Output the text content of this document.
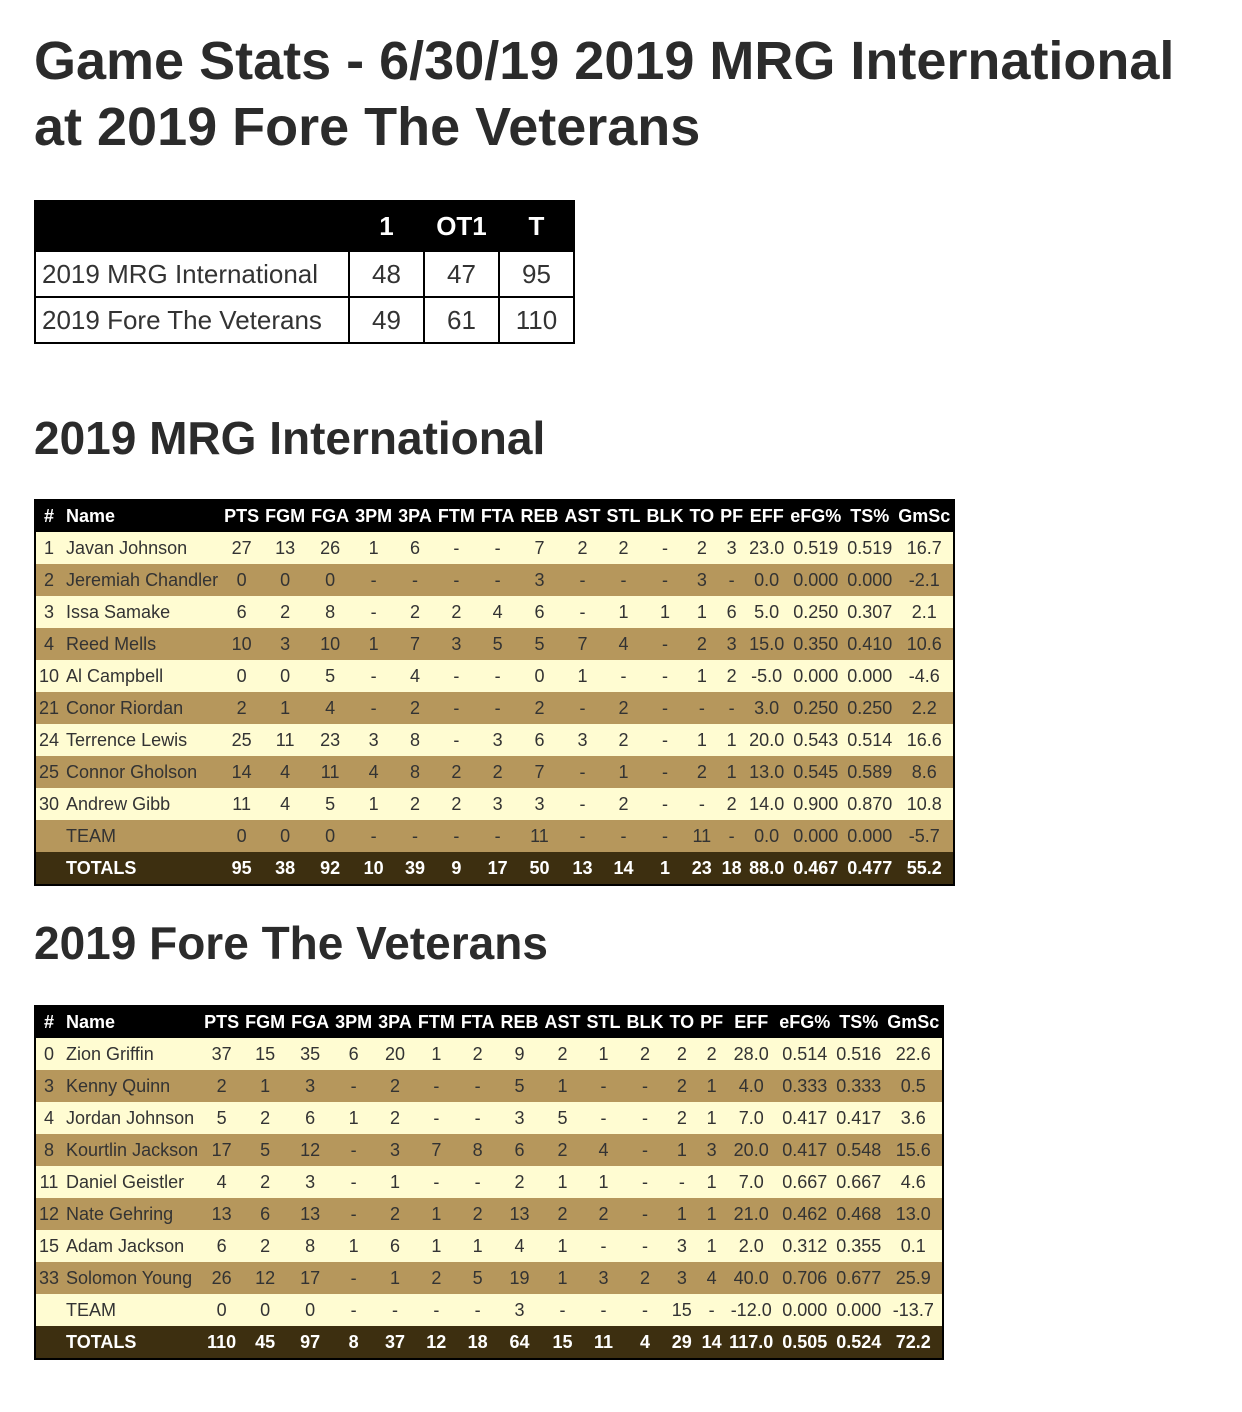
Game Stats - 6/30/19 2019 MRG International at 2019 Fore The Veterans
	1	OT1	T
2019 MRG International	48	47	95
2019 Fore The Veterans	49	61	110
2019 MRG International
#	Name	PTS	FGM	FGA	3PM	3PA	FTM	FTA	REB	AST	STL	BLK	TO	PF	EFF	eFG%	TS%	GmSc
1	Javan Johnson	27	13	26	1	6	-	-	7	2	2	-	2	3	23.0	0.519	0.519	16.7
2	Jeremiah Chandler	0	0	0	-	-	-	-	3	-	-	-	3	-	0.0	0.000	0.000	-2.1
3	Issa Samake	6	2	8	-	2	2	4	6	-	1	1	1	6	5.0	0.250	0.307	2.1
4	Reed Mells	10	3	10	1	7	3	5	5	7	4	-	2	3	15.0	0.350	0.410	10.6
10	Al Campbell	0	0	5	-	4	-	-	0	1	-	-	1	2	-5.0	0.000	0.000	-4.6
21	Conor Riordan	2	1	4	-	2	-	-	2	-	2	-	-	-	3.0	0.250	0.250	2.2
24	Terrence Lewis	25	11	23	3	8	-	3	6	3	2	-	1	1	20.0	0.543	0.514	16.6
25	Connor Gholson	14	4	11	4	8	2	2	7	-	1	-	2	1	13.0	0.545	0.589	8.6
30	Andrew Gibb	11	4	5	1	2	2	3	3	-	2	-	-	2	14.0	0.900	0.870	10.8
	TEAM	0	0	0	-	-	-	-	11	-	-	-	11	-	0.0	0.000	0.000	-5.7
	TOTALS	95	38	92	10	39	9	17	50	13	14	1	23	18	88.0	0.467	0.477	55.2
2019 Fore The Veterans
#	Name	PTS	FGM	FGA	3PM	3PA	FTM	FTA	REB	AST	STL	BLK	TO	PF	EFF	eFG%	TS%	GmSc
0	Zion Griffin	37	15	35	6	20	1	2	9	2	1	2	2	2	28.0	0.514	0.516	22.6
3	Kenny Quinn	2	1	3	-	2	-	-	5	1	-	-	2	1	4.0	0.333	0.333	0.5
4	Jordan Johnson	5	2	6	1	2	-	-	3	5	-	-	2	1	7.0	0.417	0.417	3.6
8	Kourtlin Jackson	17	5	12	-	3	7	8	6	2	4	-	1	3	20.0	0.417	0.548	15.6
11	Daniel Geistler	4	2	3	-	1	-	-	2	1	1	-	-	1	7.0	0.667	0.667	4.6
12	Nate Gehring	13	6	13	-	2	1	2	13	2	2	-	1	1	21.0	0.462	0.468	13.0
15	Adam Jackson	6	2	8	1	6	1	1	4	1	-	-	3	1	2.0	0.312	0.355	0.1
33	Solomon Young	26	12	17	-	1	2	5	19	1	3	2	3	4	40.0	0.706	0.677	25.9
	TEAM	0	0	0	-	-	-	-	3	-	-	-	15	-	-12.0	0.000	0.000	-13.7
	TOTALS	110	45	97	8	37	12	18	64	15	11	4	29	14	117.0	0.505	0.524	72.2
